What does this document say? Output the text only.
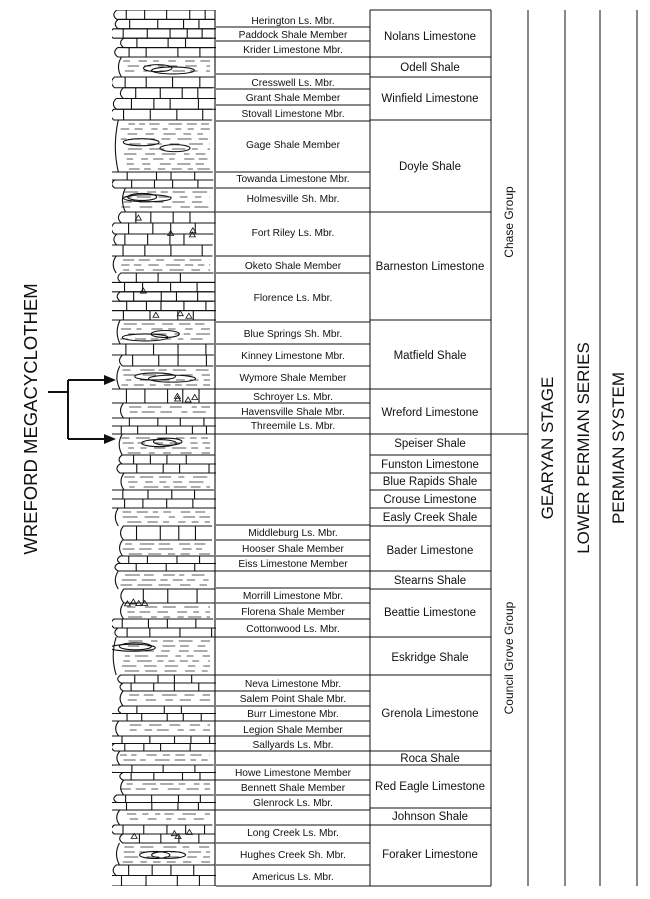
WREFORD MEGACYCLOTHEM	PERMIAN SYSTEM
LOWER PERMIAN SERIES
GEARYAN STAGE
Chase Group
Council Grove Group
Herington Ls. Mbr.
Paddock Shale Member
Krider Limestone Mbr.
Cresswell Ls. Mbr.
Grant Shale Member
Stovall Limestone Mbr.
Gage Shale Member
Towanda Limestone Mbr.
Holmesville Sh. Mbr.
Fort Riley Ls. Mbr.
Oketo Shale Member
Florence Ls. Mbr.
Blue Springs Sh. Mbr.
Kinney Limestone Mbr.
Wymore Shale Member
Schroyer Ls. Mbr.
Havensville Shale Mbr.
Threemile Ls. Mbr.
Middleburg Ls. Mbr.
Hooser Shale Member
Eiss Limestone Member
Morrill Limestone Mbr.
Florena Shale Member
Cottonwood Ls. Mbr.
Neva Limestone Mbr.
Salem Point Shale Mbr.
Burr Limestone Mbr.
Legion Shale Member
Sallyards Ls. Mbr.
Howe Limestone Member
Bennett Shale Member
Glenrock Ls. Mbr.
Long Creek Ls. Mbr.
Hughes Creek Sh. Mbr.
Americus Ls. Mbr.
Nolans Limestone
Odell Shale
Winfield Limestone
Doyle Shale
Barneston Limestone
Matfield Shale
Wreford Limestone
Speiser Shale
Funston Limestone
Blue Rapids Shale
Crouse Limestone
Easly Creek Shale
Bader Limestone
Stearns Shale
Beattie Limestone
Eskridge Shale
Grenola Limestone
Roca Shale
Red Eagle Limestone
Johnson Shale
Foraker Limestone
